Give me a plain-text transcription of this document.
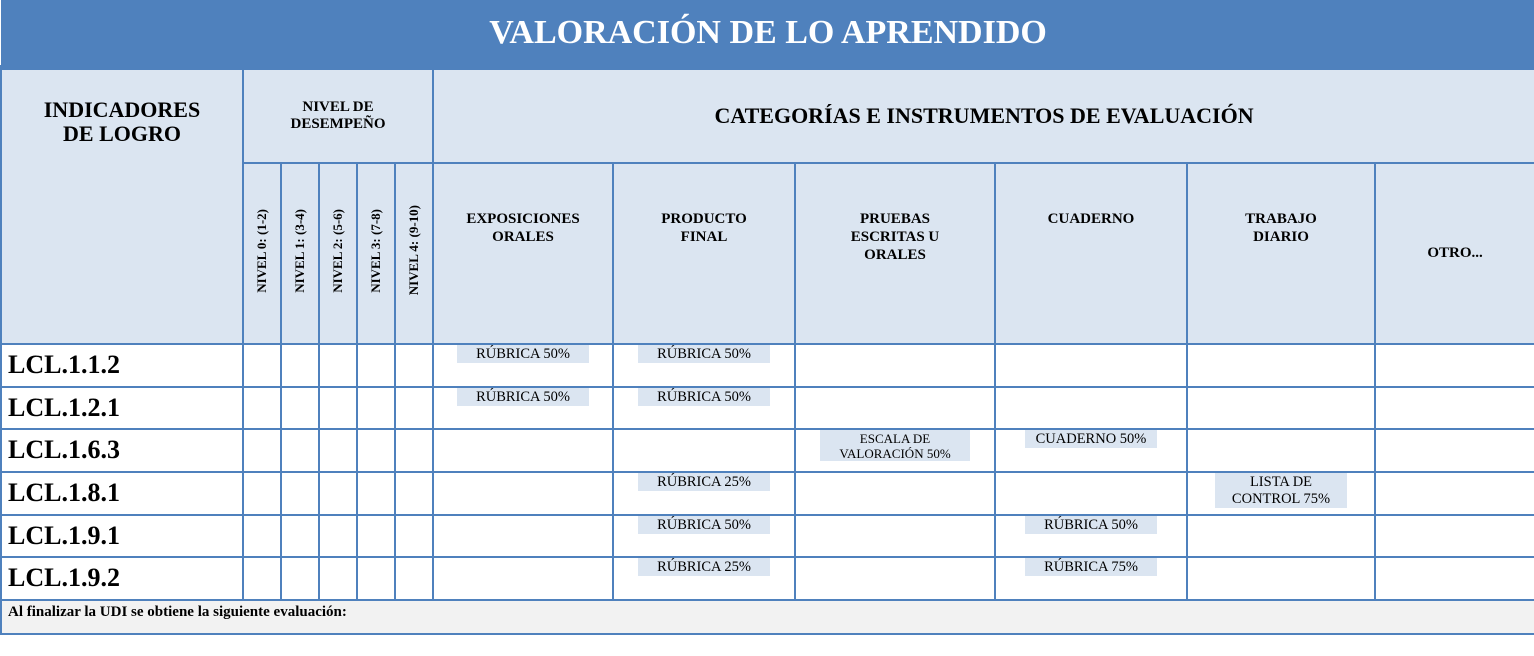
VALORACIÓN DE LO APRENDIDO											
INDICADORES DE LOGRO	NIVEL DE DESEMPEÑO					CATEGORÍAS E INSTRUMENTOS DE EVALUACIÓN					
	NIVEL 0: (1-2)	NIVEL 1: (3-4)	NIVEL 2: (5-6)	NIVEL 3: (7-8)	NIVEL 4: (9-10)	EXPOSICIONES ORALES	PRODUCTO FINAL	PRUEBAS ESCRITAS U ORALES	CUADERNO	TRABAJO DIARIO	OTRO...
LCL.1.1.2						RÚBRICA 50%	RÚBRICA 50%				
LCL.1.2.1						RÚBRICA 50%	RÚBRICA 50%				
LCL.1.6.3								ESCALA DE VALORACIÓN 50%	CUADERNO 50%		
LCL.1.8.1							RÚBRICA 25%			LISTA DE CONTROL 75%	
LCL.1.9.1							RÚBRICA 50%		RÚBRICA 50%		
LCL.1.9.2							RÚBRICA 25%		RÚBRICA 75%		
Al finalizar la UDI se obtiene la siguiente evaluación:											
